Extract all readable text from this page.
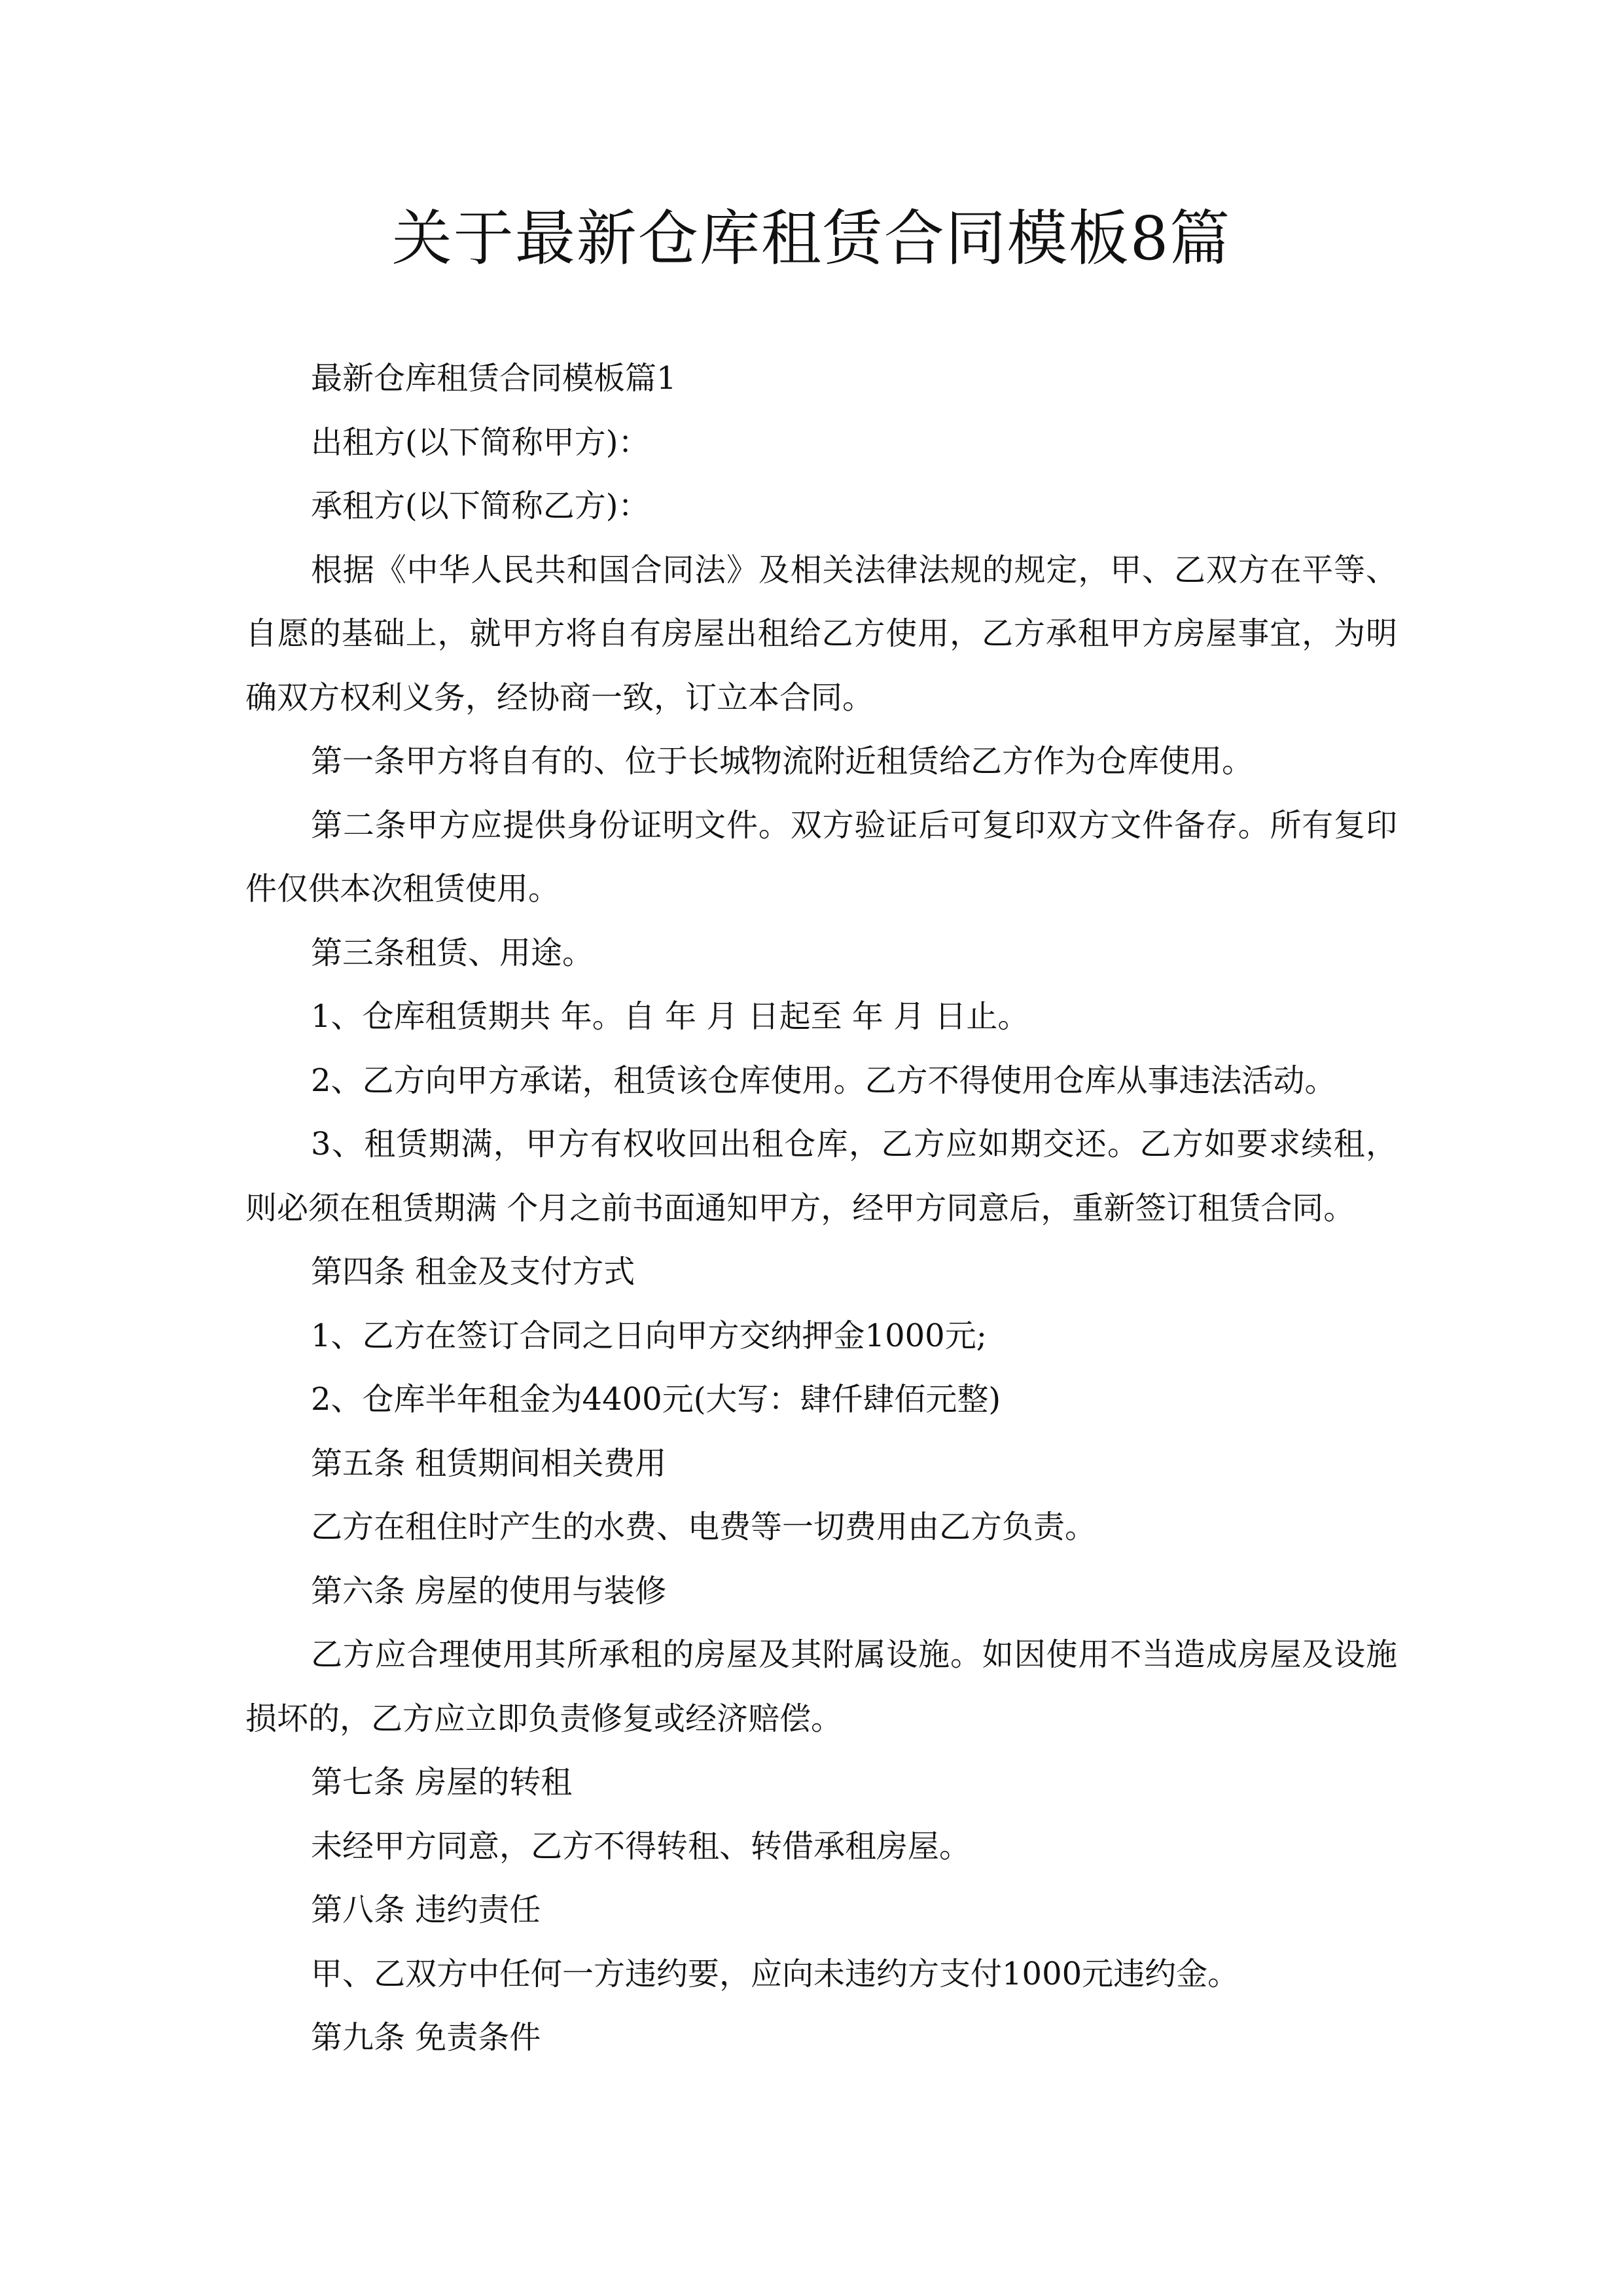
关于最新仓库租赁合同模板8篇

最新仓库租赁合同模板篇1

出租方(以下简称甲方)：

承租方(以下简称乙方)：

根据《中华人民共和国合同法》及相关法律法规的规定，甲、乙双方在平等、自愿的基础上，就甲方将自有房屋出租给乙方使用，乙方承租甲方房屋事宜，为明确双方权利义务，经协商一致，订立本合同。

第一条甲方将自有的、位于长城物流附近租赁给乙方作为仓库使用。

第二条甲方应提供身份证明文件。双方验证后可复印双方文件备存。所有复印件仅供本次租赁使用。

第三条租赁、用途。

1、仓库租赁期共 年。自 年 月 日起至 年 月 日止。

2、乙方向甲方承诺，租赁该仓库使用。乙方不得使用仓库从事违法活动。

3、租赁期满，甲方有权收回出租仓库，乙方应如期交还。乙方如要求续租，则必须在租赁期满 个月之前书面通知甲方，经甲方同意后，重新签订租赁合同。

第四条 租金及支付方式

1、乙方在签订合同之日向甲方交纳押金1000元;

2、仓库半年租金为4400元(大写：肆仟肆佰元整)

第五条 租赁期间相关费用

乙方在租住时产生的水费、电费等一切费用由乙方负责。

第六条 房屋的使用与装修

乙方应合理使用其所承租的房屋及其附属设施。如因使用不当造成房屋及设施损坏的，乙方应立即负责修复或经济赔偿。

第七条 房屋的转租

未经甲方同意，乙方不得转租、转借承租房屋。

第八条 违约责任

甲、乙双方中任何一方违约要，应向未违约方支付1000元违约金。

第九条 免责条件
